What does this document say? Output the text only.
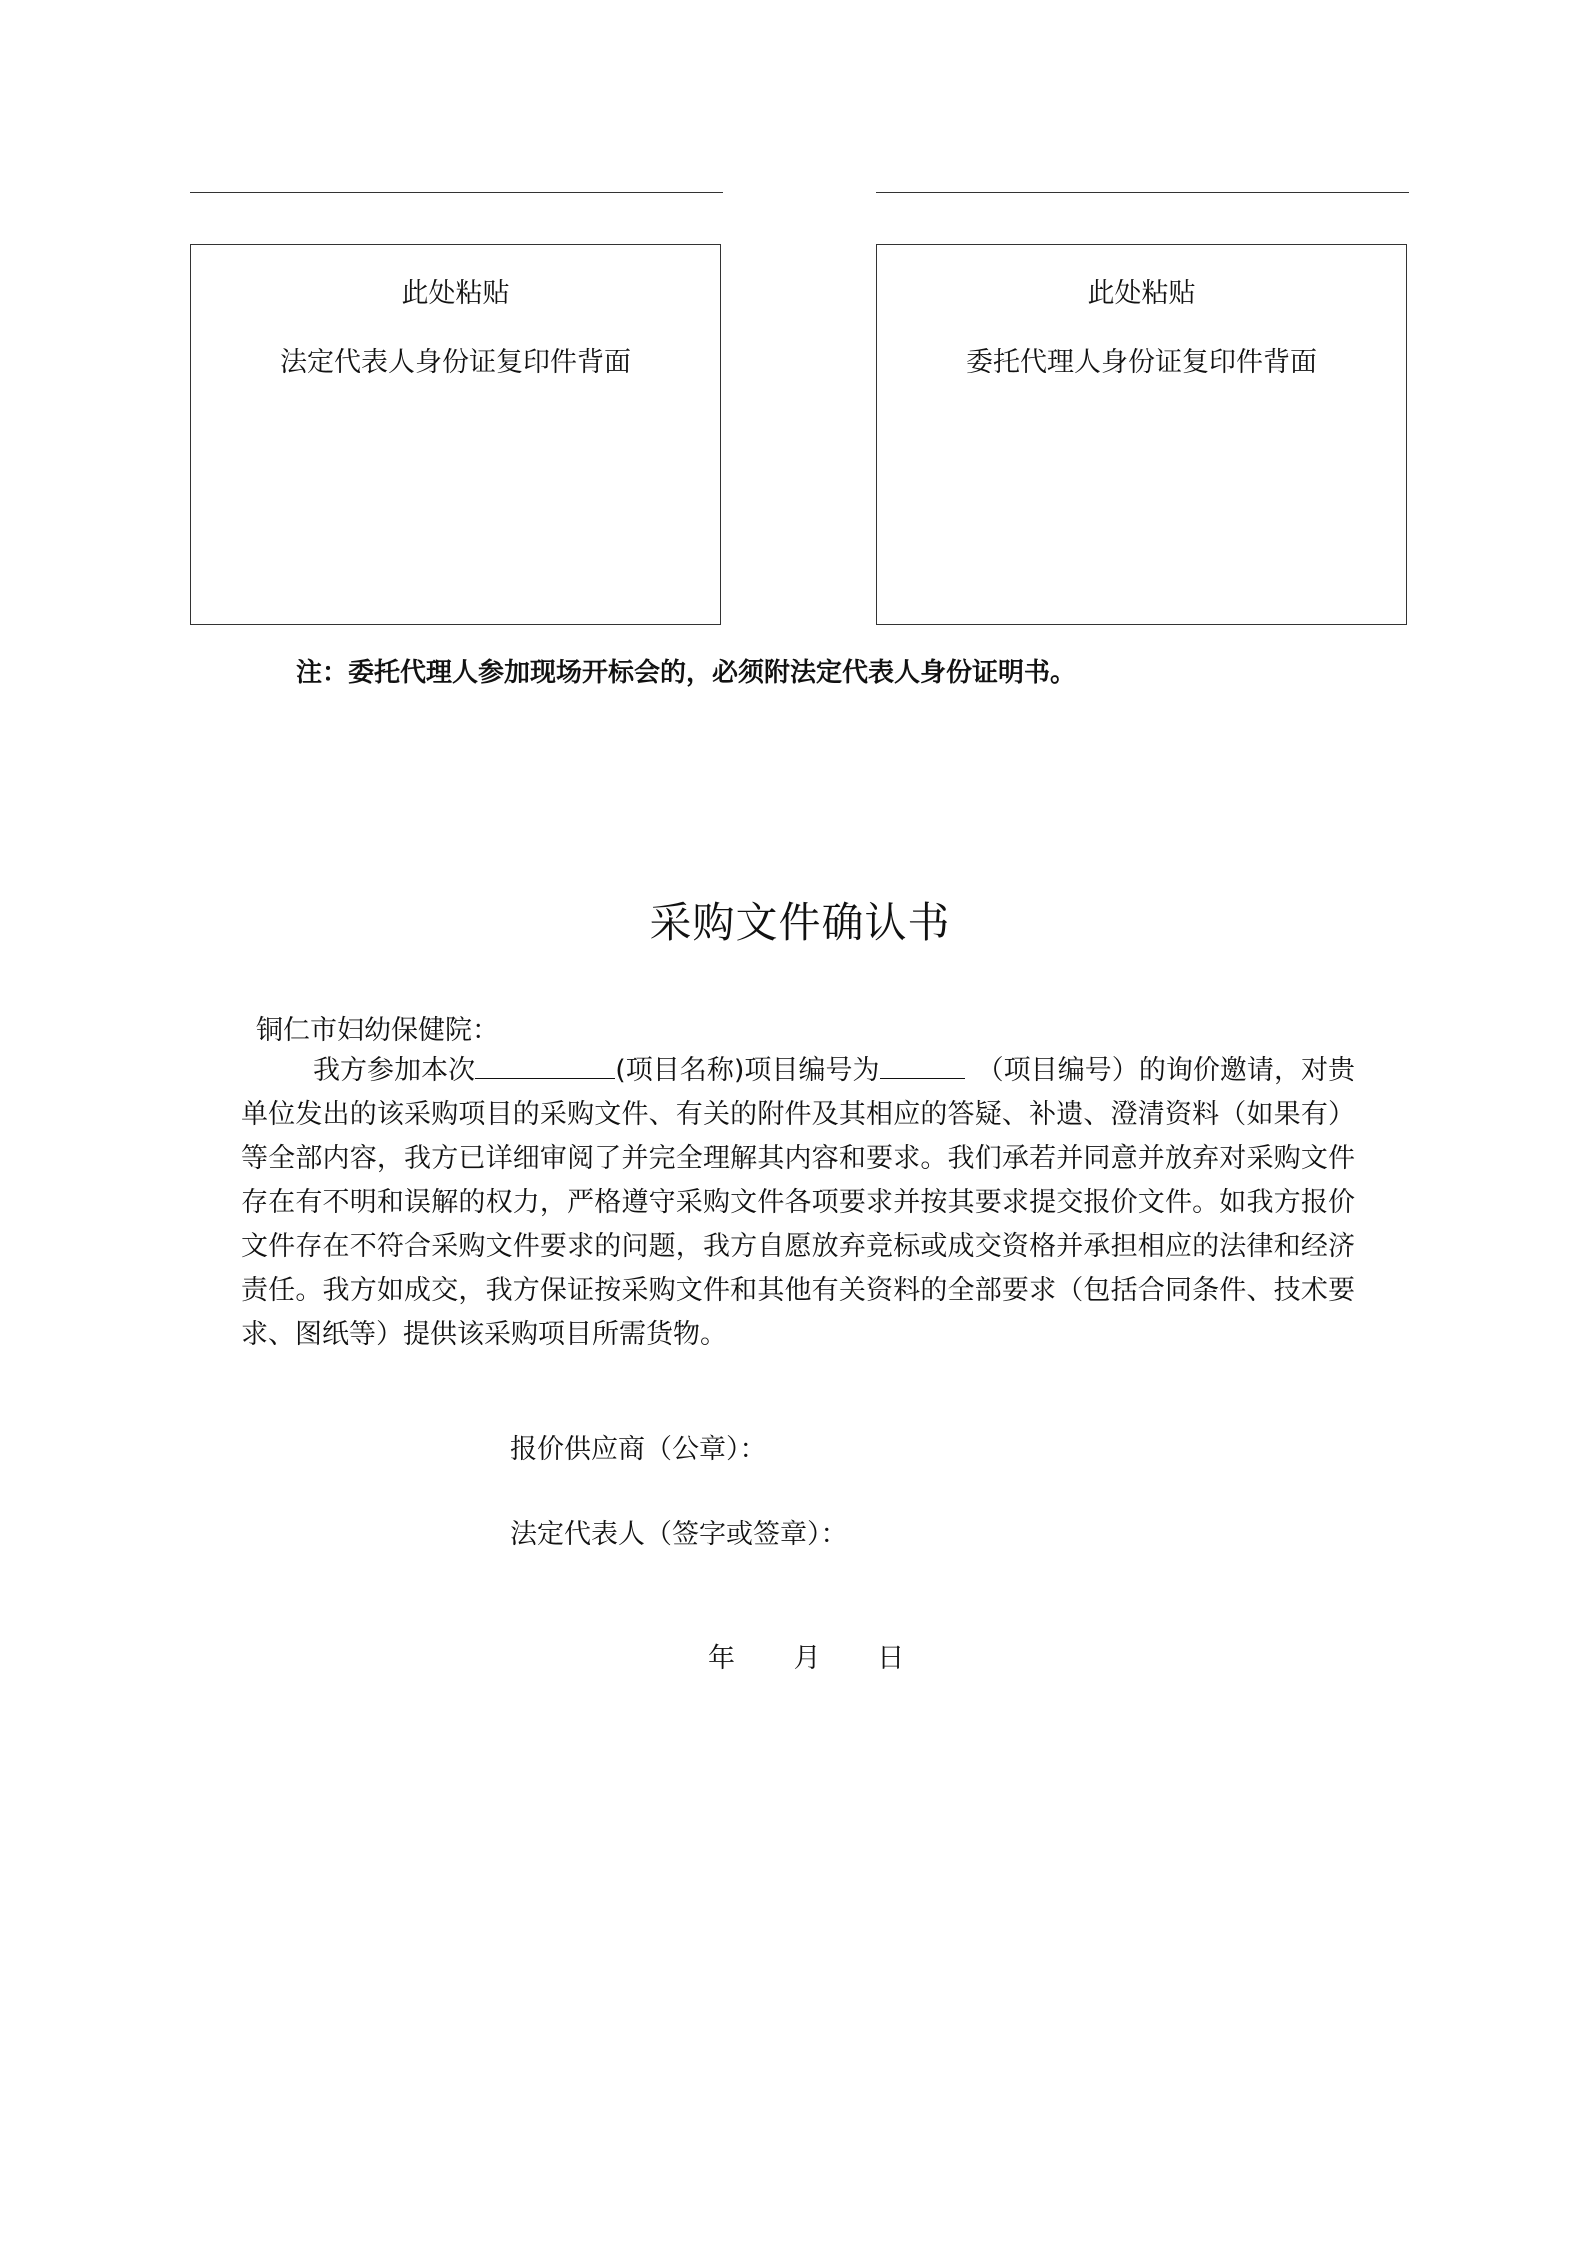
此处粘贴
法定代表人身份证复印件背面
此处粘贴
委托代理人身份证复印件背面
注：委托代理人参加现场开标会的，必须附法定代表人身份证明书。
采购文件确认书
铜仁市妇幼保健院：
我方参加本次	(项目名称)项目编号为	（项目编号）的询价邀请，对贵单位发出的该采购项目的采购文件、有关的附件及其相应的答疑、补遗、澄清资料（如果有）等全部内容，我方已详细审阅了并完全理解其内容和要求。我们承若并同意并放弃对采购文件存在有不明和误解的权力，严格遵守采购文件各项要求并按其要求提交报价文件。如我方报价文件存在不符合采购文件要求的问题，我方自愿放弃竞标或成交资格并承担相应的法律和经济责任。我方如成交，我方保证按采购文件和其他有关资料的全部要求（包括合同条件、技术要求、图纸等）提供该采购项目所需货物。
报价供应商（公章）：
法定代表人（签字或签章）：
年 月 日
